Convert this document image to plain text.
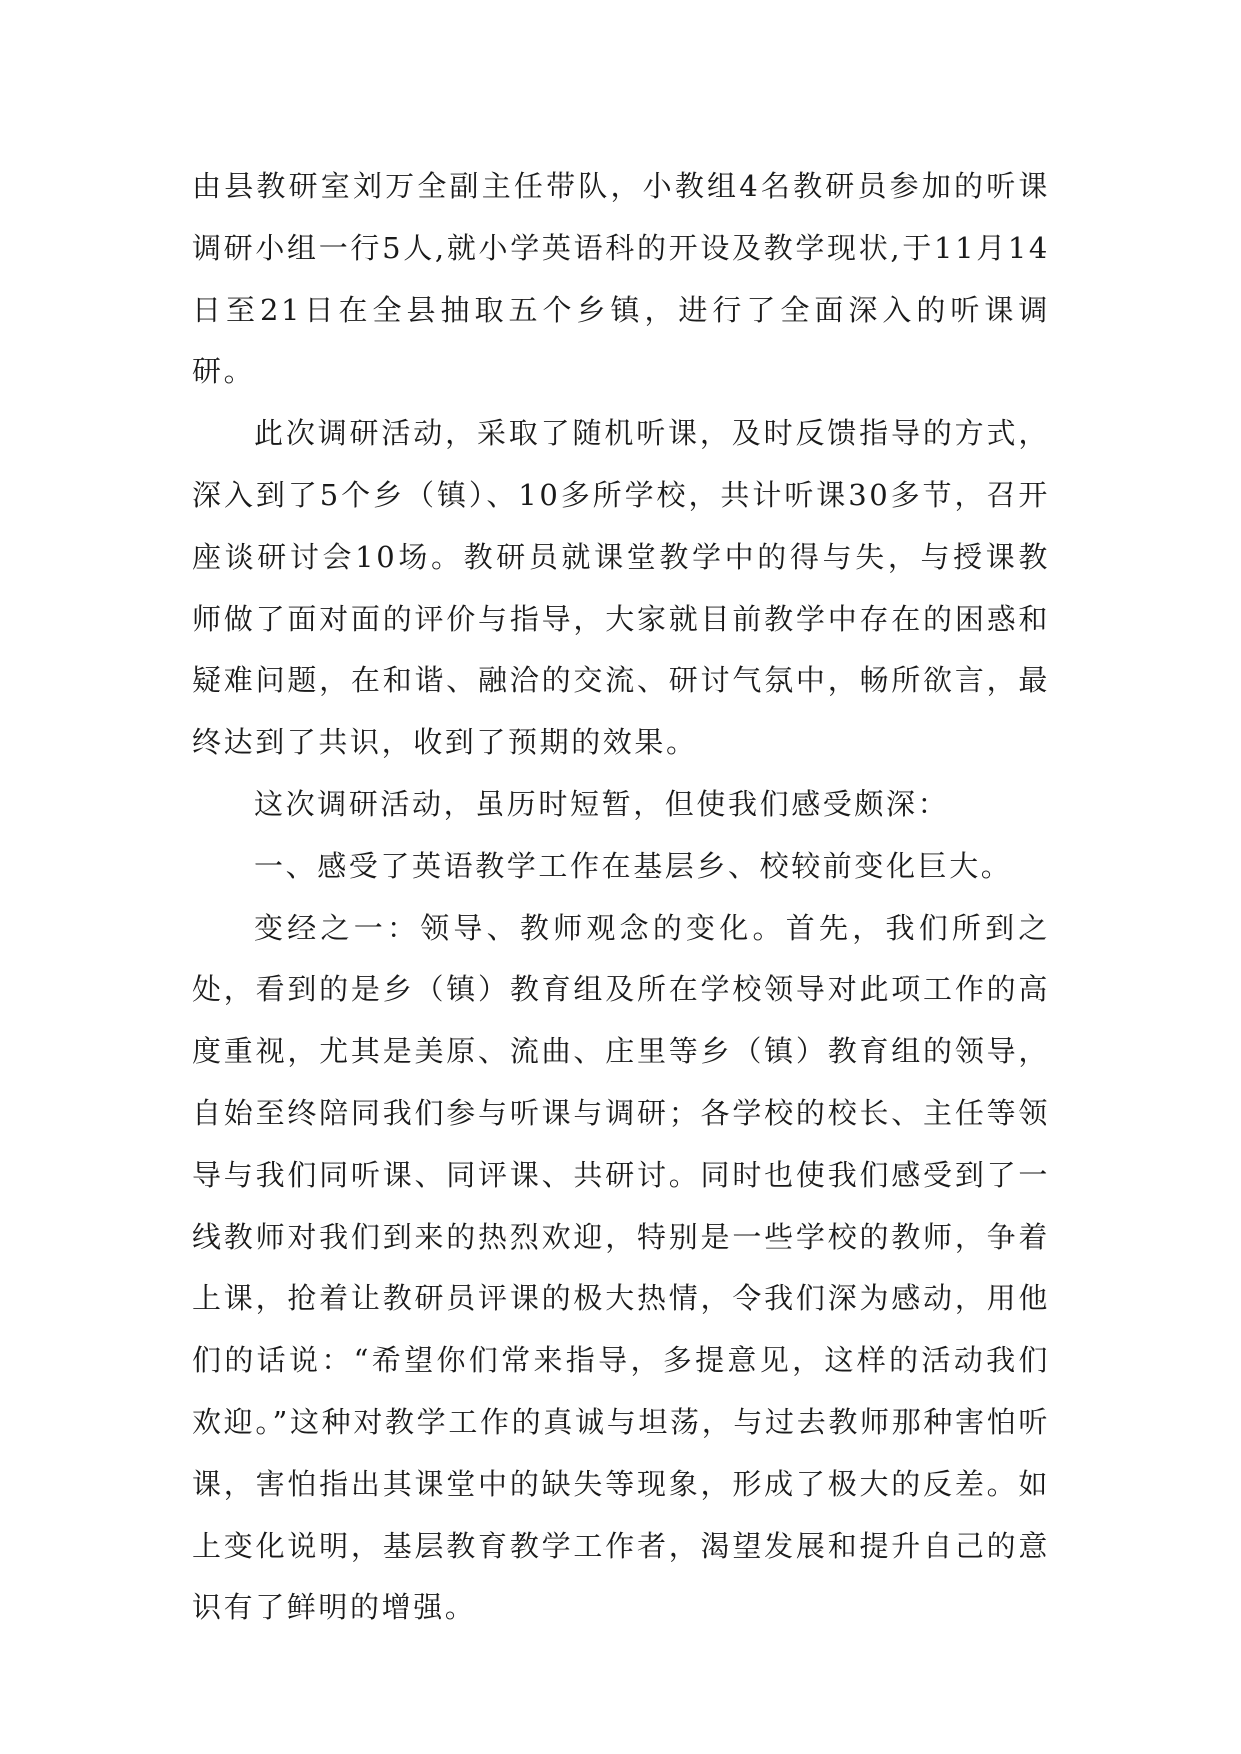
由县教研室刘万全副主任带队，小教组4名教研员参加的听课调研小组一行5人,就小学英语科的开设及教学现状,于11月14日至21日在全县抽取五个乡镇，进行了全面深入的听课调研。

此次调研活动，采取了随机听课，及时反馈指导的方式，深入到了5个乡（镇）、10多所学校，共计听课30多节，召开座谈研讨会10场。教研员就课堂教学中的得与失，与授课教师做了面对面的评价与指导，大家就目前教学中存在的困惑和疑难问题，在和谐、融洽的交流、研讨气氛中，畅所欲言，最终达到了共识，收到了预期的效果。

这次调研活动，虽历时短暂，但使我们感受颇深：

一、感受了英语教学工作在基层乡、校较前变化巨大。

变经之一：领导、教师观念的变化。首先，我们所到之处，看到的是乡（镇）教育组及所在学校领导对此项工作的高度重视，尤其是美原、流曲、庄里等乡（镇）教育组的领导，自始至终陪同我们参与听课与调研；各学校的校长、主任等领导与我们同听课、同评课、共研讨。同时也使我们感受到了一线教师对我们到来的热烈欢迎，特别是一些学校的教师，争着上课，抢着让教研员评课的极大热情，令我们深为感动，用他们的话说：“希望你们常来指导，多提意见，这样的活动我们欢迎。”这种对教学工作的真诚与坦荡，与过去教师那种害怕听课，害怕指出其课堂中的缺失等现象，形成了极大的反差。如上变化说明，基层教育教学工作者，渴望发展和提升自己的意识有了鲜明的增强。
